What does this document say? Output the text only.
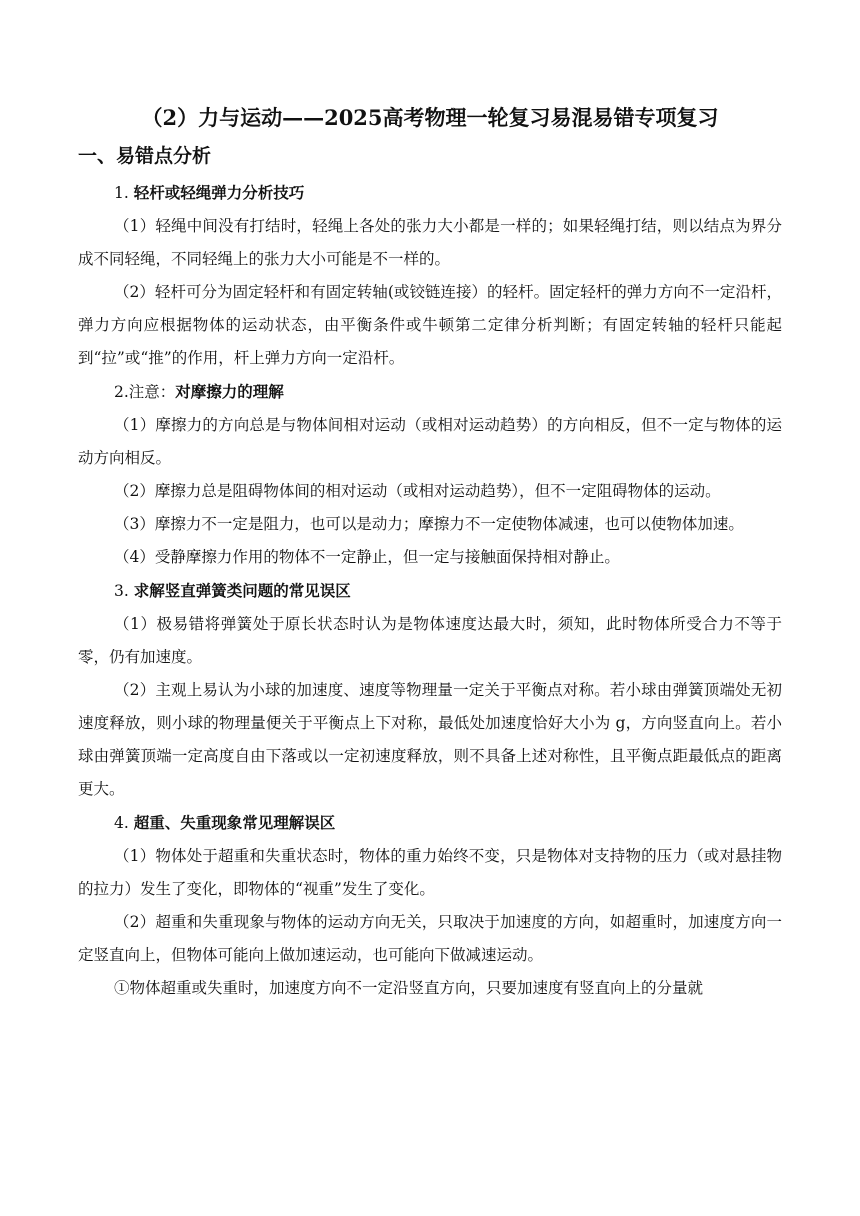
（2）力与运动——2025高考物理一轮复习易混易错专项复习
一、易错点分析

1. 轻杆或轻绳弹力分析技巧

（1）轻绳中间没有打结时，轻绳上各处的张力大小都是一样的；如果轻绳打结，则以结点为界分成不同轻绳，不同轻绳上的张力大小可能是不一样的。

（2）轻杆可分为固定轻杆和有固定转轴(或铰链连接）的轻杆。固定轻杆的弹力方向不一定沿杆，弹力方向应根据物体的运动状态，由平衡条件或牛顿第二定律分析判断；有固定转轴的轻杆只能起到“拉”或“推”的作用，杆上弹力方向一定沿杆。

2.注意：对摩擦力的理解

（1）摩擦力的方向总是与物体间相对运动（或相对运动趋势）的方向相反，但不一定与物体的运动方向相反。

（2）摩擦力总是阻碍物体间的相对运动（或相对运动趋势），但不一定阻碍物体的运动。

（3）摩擦力不一定是阻力，也可以是动力；摩擦力不一定使物体减速，也可以使物体加速。

（4）受静摩擦力作用的物体不一定静止，但一定与接触面保持相对静止。

3. 求解竖直弹簧类问题的常见误区

（1）极易错将弹簧处于原长状态时认为是物体速度达最大时，须知，此时物体所受合力不等于零，仍有加速度。

（2）主观上易认为小球的加速度、速度等物理量一定关于平衡点对称。若小球由弹簧顶端处无初速度释放，则小球的物理量便关于平衡点上下对称，最低处加速度恰好大小为 g，方向竖直向上。若小球由弹簧顶端一定高度自由下落或以一定初速度释放，则不具备上述对称性，且平衡点距最低点的距离更大。

4. 超重、失重现象常见理解误区

（1）物体处于超重和失重状态时，物体的重力始终不变，只是物体对支持物的压力（或对悬挂物的拉力）发生了变化，即物体的“视重”发生了变化。

（2）超重和失重现象与物体的运动方向无关，只取决于加速度的方向，如超重时，加速度方向一定竖直向上，但物体可能向上做加速运动，也可能向下做减速运动。

①物体超重或失重时，加速度方向不一定沿竖直方向，只要加速度有竖直向上的分量就
